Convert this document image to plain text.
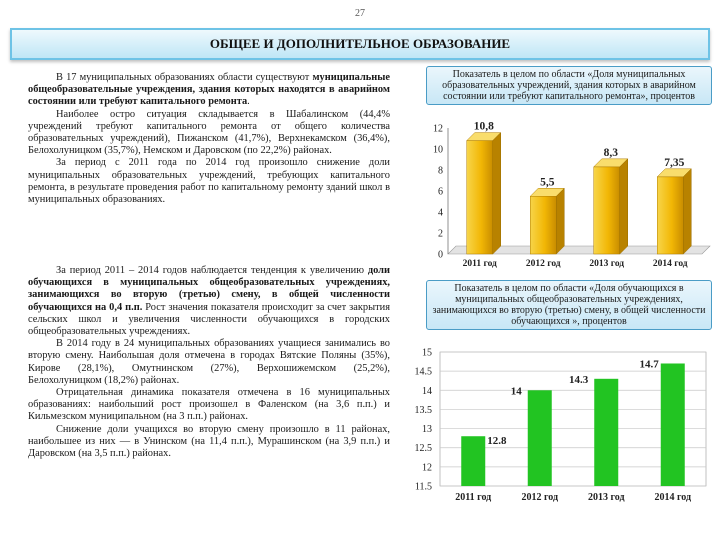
27
ОБЩЕЕ И ДОПОЛНИТЕЛЬНОЕ ОБРАЗОВАНИЕ

В 17 муниципальных образованиях области существуют муниципальные общеобразовательные учреждения, здания которых находятся в аварийном состоянии или требуют капитального ремонта.

Наиболее остро ситуация складывается в Шабалинском (44,4% учреждений требуют капитального ремонта от общего количества образовательных учреждений), Пижанском (41,7%), Верхнекамском (36,4%), Белохолуницком (35,7%), Немском и Даровском (по 22,2%) районах.

За период с 2011 года по 2014 год произошло снижение доли муниципальных образовательных учреждений, требующих капитального ремонта, в результате проведения работ по капитальному ремонту зданий школ в муниципальных образованиях.

За период 2011 – 2014 годов наблюдается тенденция к увеличению доли обучающихся в муниципальных общеобразовательных учреждениях, занимающихся во вторую (третью) смену, в общей численности обучающихся на 0,4 п.п. Рост значения показателя происходит за счет закрытия сельских школ и увеличения численности обучающихся в городских общеобразовательных учреждениях.

В 2014 году в 24 муниципальных образованиях учащиеся занимались во вторую смену. Наибольшая доля отмечена в городах Вятские Поляны (35%), Кирове (28,1%), Омутнинском (27%), Верхошижемском (25,2%), Белохолуницком (18,2%) районах.

Отрицательная динамика показателя отмечена в 16 муниципальных образованиях: наибольший рост произошел в Фаленском (на 3,6 п.п.) и Кильмезском муниципальном (на 3 п.п.) районах.

Снижение доли учащихся во вторую смену произошло в 11 районах, наибольшее из них — в Унинском (на 11,4 п.п.), Мурашинском (на 3,9 п.п.) и Даровском (на 3,5 п.п.) районах.

Показатель в целом по области «Доля муниципальных образовательных учреждений, здания которых в аварийном состоянии или требуют капитального ремонта», процентов
0
2
4
6
8
10
12	10,8
2011 год
5,5
2012 год
8,3
2013 год
7,35
2014 год
Показатель в целом по области «Доля обучающихся в муниципальных общеобразовательных учреждениях, занимающихся во вторую (третью) смену, в общей численности обучающихся », процентов
11.5
12
12.5
13
13.5
14
14.5
15
12.8
2011 год
14
2012 год
14.3
2013 год
14.7
2014 год
